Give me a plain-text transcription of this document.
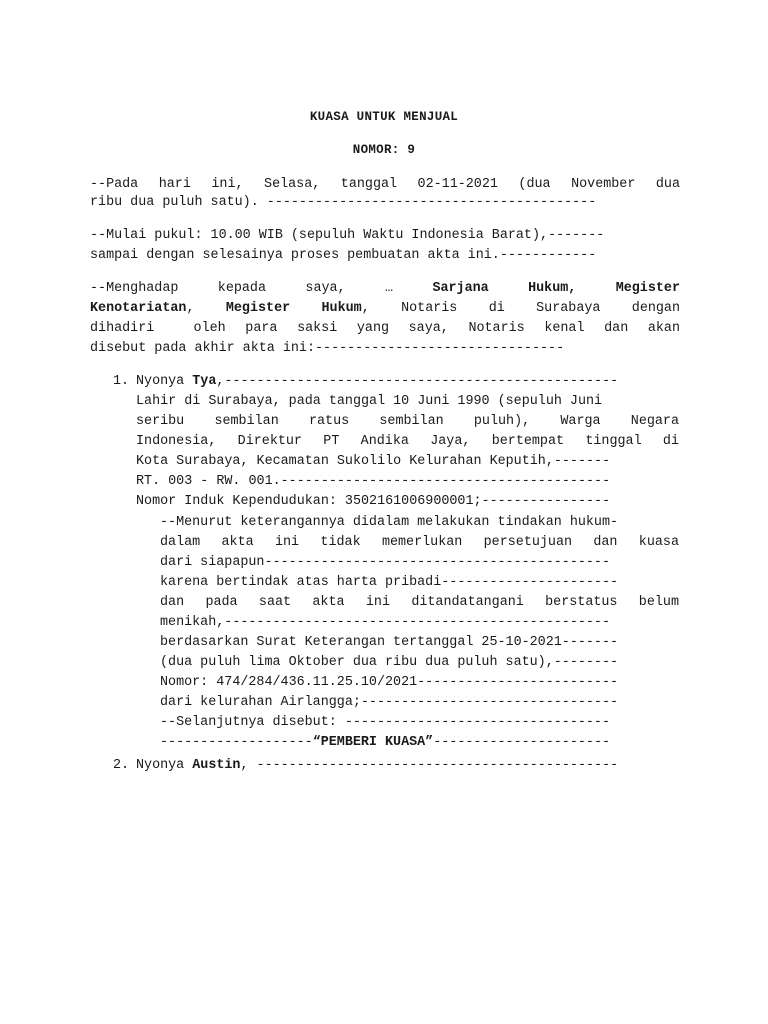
KUASA UNTUK MENJUAL
NOMOR: 9
--Pada hari ini, Selasa, tanggal 02-11-2021 (dua November dua
ribu dua puluh satu). -----------------------------------------
--Mulai pukul: 10.00 WIB (sepuluh Waktu Indonesia Barat),-------
sampai dengan selesainya proses pembuatan akta ini.------------
--Menghadap kepada saya, …	Sarjana Hukum, Megister
Kenotariatan, Megister Hukum, Notaris di Surabaya dengan
dihadiri  oleh para saksi yang saya, Notaris kenal dan akan
disebut pada akhir akta ini:-------------------------------
1. Nyonya Tya,-------------------------------------------------
Lahir di Surabaya, pada tanggal 10 Juni 1990 (sepuluh Juni
seribu sembilan ratus sembilan puluh), Warga Negara
Indonesia, Direktur PT Andika Jaya, bertempat tinggal di
Kota Surabaya, Kecamatan Sukolilo Kelurahan Keputih,-------
RT. 003 - RW. 001.-----------------------------------------
Nomor Induk Kependudukan: 3502161006900001;----------------
--Menurut keterangannya didalam melakukan tindakan hukum-
dalam akta ini tidak memerlukan persetujuan dan kuasa
dari siapapun-------------------------------------------
karena bertindak atas harta pribadi----------------------
dan pada saat akta ini ditandatangani berstatus belum
menikah,------------------------------------------------
berdasarkan Surat Keterangan tertanggal 25-10-2021-------
(dua puluh lima Oktober dua ribu dua puluh satu),--------
Nomor: 474/284/436.11.25.10/2021-------------------------
dari kelurahan Airlangga;--------------------------------
--Selanjutnya disebut: ---------------------------------
-------------------“PEMBERI KUASA”----------------------
2. Nyonya Austin, ---------------------------------------------
